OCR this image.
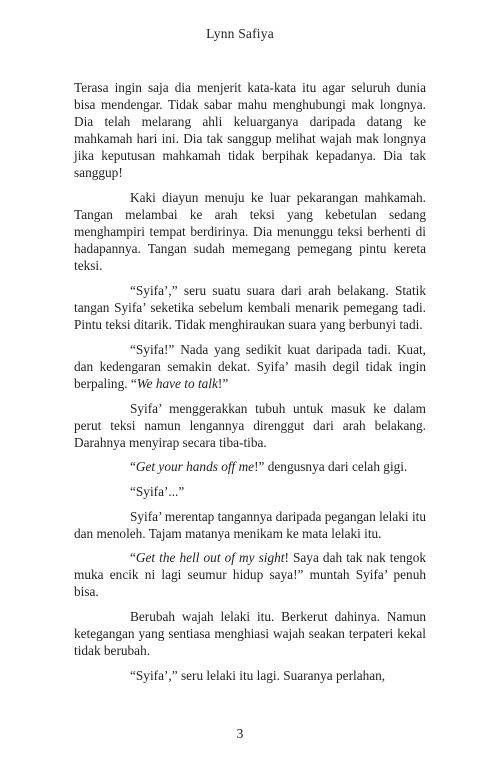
Lynn Safiya

Terasa ingin saja dia menjerit kata-kata itu agar seluruh dunia bisa mendengar. Tidak sabar mahu menghubungi mak longnya. Dia telah melarang ahli keluarganya daripada datang ke mahkamah hari ini. Dia tak sanggup melihat wajah mak longnya jika keputusan mahkamah tidak berpihak kepadanya. Dia tak sanggup!

Kaki diayun menuju ke luar pekarangan mahkamah. Tangan melambai ke arah teksi yang kebetulan sedang menghampiri tempat berdirinya. Dia menunggu teksi berhenti di hadapannya. Tangan sudah memegang pemegang pintu kereta teksi.

“Syifa’,” seru suatu suara dari arah belakang. Statik tangan Syifa’ seketika sebelum kembali menarik pemegang tadi. Pintu teksi ditarik. Tidak menghiraukan suara yang berbunyi tadi.

“Syifa!” Nada yang sedikit kuat daripada tadi. Kuat, dan kedengaran semakin dekat. Syifa’ masih degil tidak ingin berpaling. “We have to talk!”

Syifa’ menggerakkan tubuh untuk masuk ke dalam perut teksi namun lengannya direnggut dari arah belakang. Darahnya menyirap secara tiba-tiba.

“Get your hands off me!” dengusnya dari celah gigi.

“Syifa’...”

Syifa’ merentap tangannya daripada pegangan lelaki itu dan menoleh. Tajam matanya menikam ke mata lelaki itu.

“Get the hell out of my sight! Saya dah tak nak tengok muka encik ni lagi seumur hidup saya!” muntah Syifa’ penuh bisa.

Berubah wajah lelaki itu. Berkerut dahinya. Namun ketegangan yang sentiasa menghiasi wajah seakan terpateri kekal tidak berubah.

“Syifa’,” seru lelaki itu lagi. Suaranya perlahan,

3
